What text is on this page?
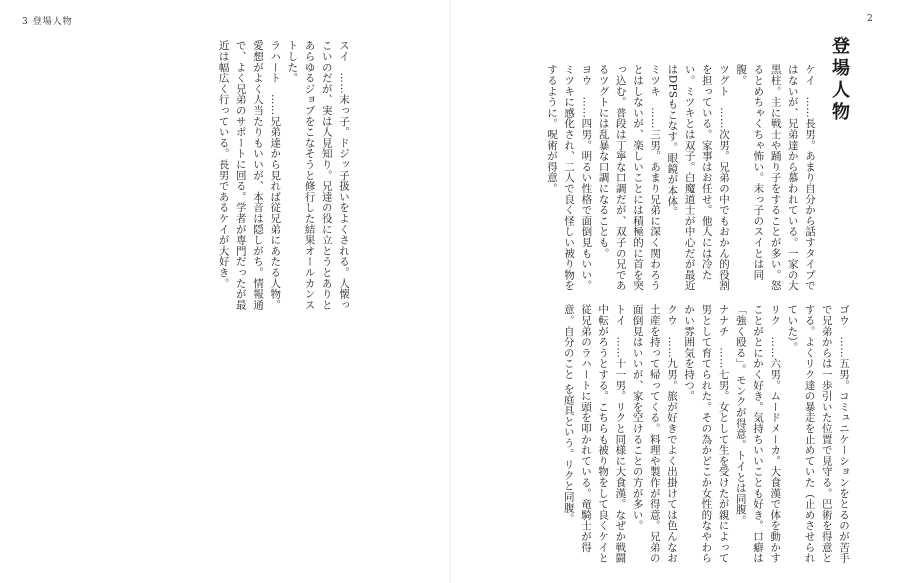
3 登場人物	2
登場人物

ケイ　……長男。あまり自分から話すタイプではないが、兄弟達から慕われている。一家の大黒柱。主に戦士や踊り子をすることが多い。怒るとめちゃくちゃ怖い。末っ子のスイとは同腹。

ツグト　……次男。兄弟の中でもおかん的役割を担っている。家事はお任せ。他人には冷たい。ミツキとは双子。白魔道士が中心だが最近はDPSもこなす。眼鏡が本体。

ミツキ　……三男。あまり兄弟に深く関わろうとはしないが、楽しいことには積極的に首を突っ込む。普段は丁寧な口調だが、双子の兄であるツグトには乱暴な口調になることも。

ヨウ　……四男。明るい性格で面倒見もいい。ミツキに感化され、二人で良く怪しい被り物をするように。呪術が得意。

ゴウ　……五男。コミュニケーションをとるのが苦手で兄弟からは一歩引いた位置で見守る。巴術を得意とする。よくリク達の暴走を止めていた（止めさせられていた）。

リク　……六男。ムードメーカ。大食漢で体を動かすことがとにかく好き。気持ちいいことも好き。口癖は「強く殴る」。モンクが得意。トイとは同腹。

ナナチ　……七男。女として生を受けたが親によって男として育てられた。その為かどこか女性的なやわらかい雰囲気を持つ。

クウ　……九男。旅が好きでよく出掛けては色んなお土産を持って帰ってくる。料理や製作が得意。兄弟の面倒見はいいが、家を空けることの方が多い。

トイ　……十一男。リクと同様に大食漢。なぜか戦闘中転がろうとする。こちらも被り物をして良くケイと従兄弟のラハートに頭を叩かれている。竜騎士が得意。自分のこと を庭具という。リクと同腹。

スイ　……末っ子。ドジッ子扱いをよくされる。人懐っこいのだが、実は人見知り。兄達の役に立とうとありとあらゆるジョブをこなそうと修行した結果オールカンストした。

ラハート　……兄弟達から見れば従兄弟にあたる人物。愛想がよく人当たりもいいが、本音は隠しがち。情報通で、よく兄弟のサポートに回る。学者が専門だったが最近は幅広く行っている。長男であるケイが大好き。
